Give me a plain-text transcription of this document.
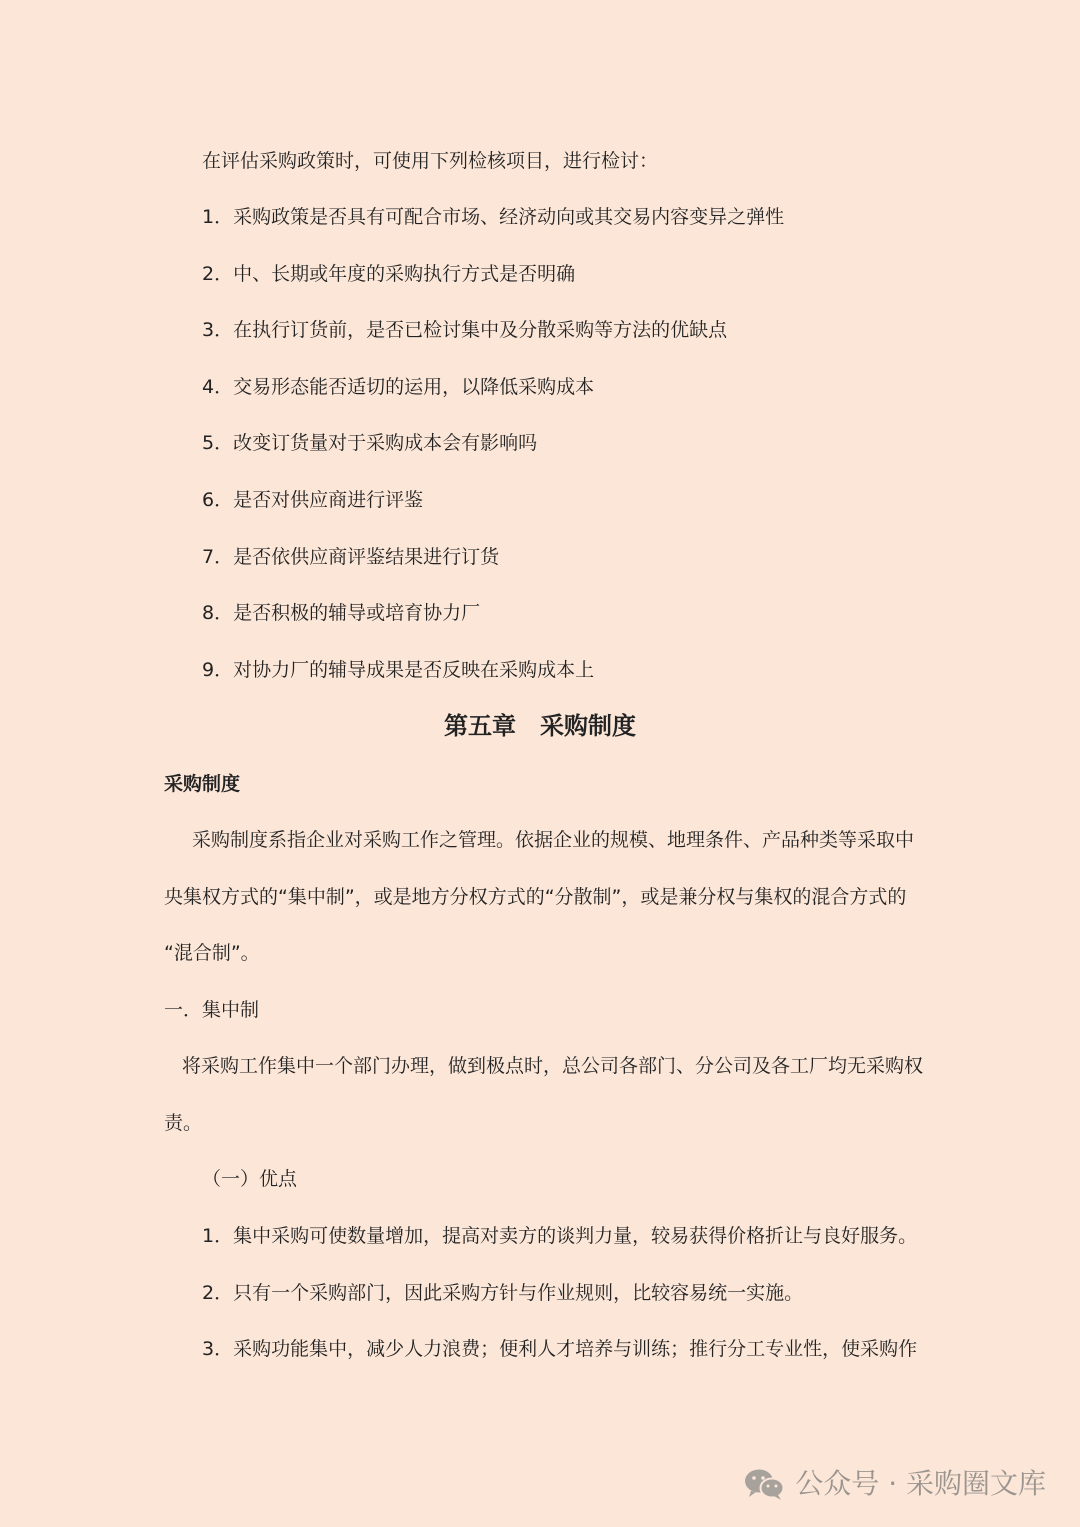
在评估采购政策时，可使用下列检核项目，进行检讨：
1．采购政策是否具有可配合市场、经济动向或其交易内容变异之弹性
2．中、长期或年度的采购执行方式是否明确
3．在执行订货前，是否已检讨集中及分散采购等方法的优缺点
4．交易形态能否适切的运用，以降低采购成本
5．改变订货量对于采购成本会有影响吗
6．是否对供应商进行评鉴
7．是否依供应商评鉴结果进行订货
8．是否积极的辅导或培育协力厂
9．对协力厂的辅导成果是否反映在采购成本上
第五章　采购制度
采购制度
采购制度系指企业对采购工作之管理。依据企业的规模、地理条件、产品种类等采取中
央集权方式的“集中制”，或是地方分权方式的“分散制”，或是兼分权与集权的混合方式的
“混合制”。
一．集中制
将采购工作集中一个部门办理，做到极点时，总公司各部门、分公司及各工厂均无采购权
责。
（一）优点
1．集中采购可使数量增加，提高对卖方的谈判力量，较易获得价格折让与良好服务。
2．只有一个采购部门，因此采购方针与作业规则，比较容易统一实施。
3．采购功能集中，减少人力浪费；便利人才培养与训练；推行分工专业性，使采购作
公众号 · 采购圈文库
